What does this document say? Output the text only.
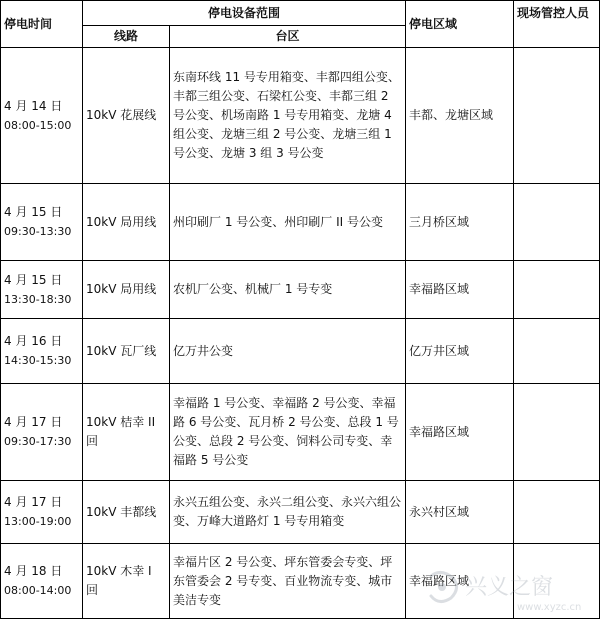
停电时间	停电设备范围		停电区域	现场管控人员
	线路	台区		

4 月 14 日
08:00-15:00	10kV 花展线	东南环线 11 号专用箱变、丰都四组公变、丰都三组公变、石梁杠公变、丰都三组 2 号公变、机场南路 1 号专用箱变、龙塘 4 组公变、龙塘三组 2 号公变、龙塘三组 1 号公变、龙塘 3 组 3 号公变	丰都、龙塘区域	

4 月 15 日
09:30-13:30	10kV 局用线	州印刷厂 1 号公变、州印刷厂 II 号公变	三月桥区域	

4 月 15 日
13:30-18:30	10kV 局用线	农机厂公变、机械厂 1 号专变	幸福路区域	

4 月 16 日
14:30-15:30	10kV 瓦厂线	亿万井公变	亿万井区域	

4 月 17 日
09:30-17:30	10kV 桔幸 II 回	幸福路 1 号公变、幸福路 2 号公变、幸福路 6 号公变、瓦月桥 2 号公变、总段 1 号公变、总段 2 号公变、饲料公司专变、幸福路 5 号公变	幸福路区域	

4 月 17 日
13:00-19:00	10kV 丰都线	永兴五组公变、永兴二组公变、永兴六组公变、万峰大道路灯 1 号专用箱变	永兴村区域	

4 月 18 日
08:00-14:00	10kV 木幸 I 回	幸福片区 2 号公变、坪东管委会专变、坪东管委会 2 号专变、百业物流专变、城市美洁专变	幸福路区域	
兴义之窗
www.xyzc.cn
